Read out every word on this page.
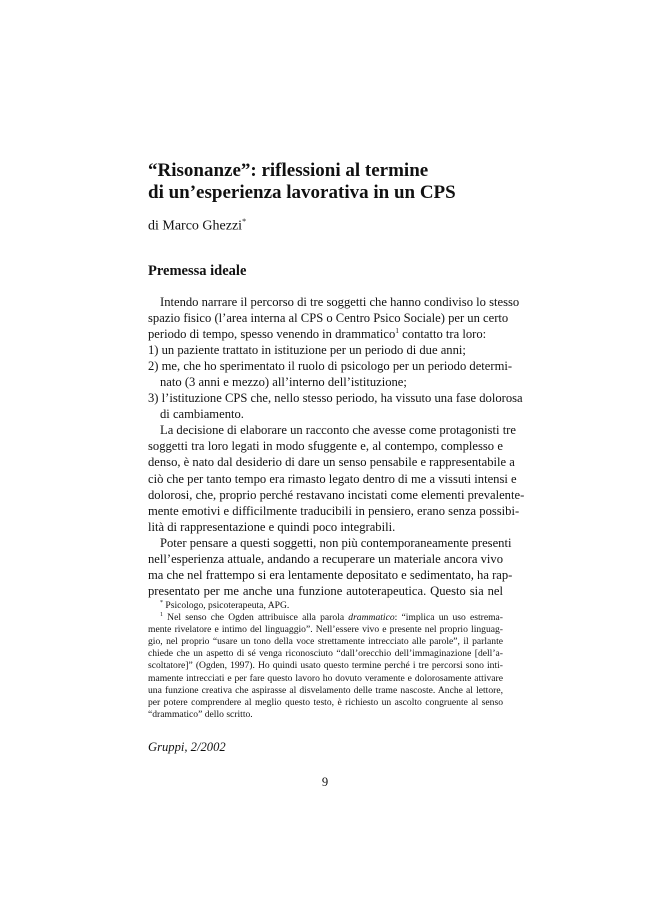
“Risonanze”: riflessioni al termine
di un’esperienza lavorativa in un CPS

di Marco Ghezzi*

Premessa ideale
Intendo narrare il percorso di tre soggetti che hanno condiviso lo stesso
spazio fisico (l’area interna al CPS o Centro Psico Sociale) per un certo
periodo di tempo, spesso venendo in drammatico$^1$ contatto tra loro:
1) un paziente trattato in istituzione per un periodo di due anni;
2) me, che ho sperimentato il ruolo di psicologo per un periodo determi-
nato (3 anni e mezzo) all’interno dell’istituzione;
3) l’istituzione CPS che, nello stesso periodo, ha vissuto una fase dolorosa
di cambiamento.
La decisione di elaborare un racconto che avesse come protagonisti tre
soggetti tra loro legati in modo sfuggente e, al contempo, complesso e
denso, è nato dal desiderio di dare un senso pensabile e rappresentabile a
ciò che per tanto tempo era rimasto legato dentro di me a vissuti intensi e
dolorosi, che, proprio perché restavano incistati come elementi prevalente-
mente emotivi e difficilmente traducibili in pensiero, erano senza possibi-
lità di rappresentazione e quindi poco integrabili.
Poter pensare a questi soggetti, non più contemporaneamente presenti
nell’esperienza attuale, andando a recuperare un materiale ancora vivo
ma che nel frattempo si era lentamente depositato e sedimentato, ha rap-
presentato per me anche una funzione autoterapeutica. Questo sia nel
* Psicologo, psicoterapeuta, APG.
$^1$ Nel senso che Ogden attribuisce alla parola drammatico: “implica un uso estrema-
mente rivelatore e intimo del linguaggio”. Nell’essere vivo e presente nel proprio linguag-
gio, nel proprio “usare un tono della voce strettamente intrecciato alle parole”, il parlante
chiede che un aspetto di sé venga riconosciuto “dall’orecchio dell’immaginazione [dell’a-
scoltatore]” (Ogden, 1997). Ho quindi usato questo termine perché i tre percorsi sono inti-
mamente intrecciati e per fare questo lavoro ho dovuto veramente e dolorosamente attivare
una funzione creativa che aspirasse al disvelamento delle trame nascoste. Anche al lettore,
per potere comprendere al meglio questo testo, è richiesto un ascolto congruente al senso
“drammatico” dello scritto.

Gruppi, 2/2002

9
